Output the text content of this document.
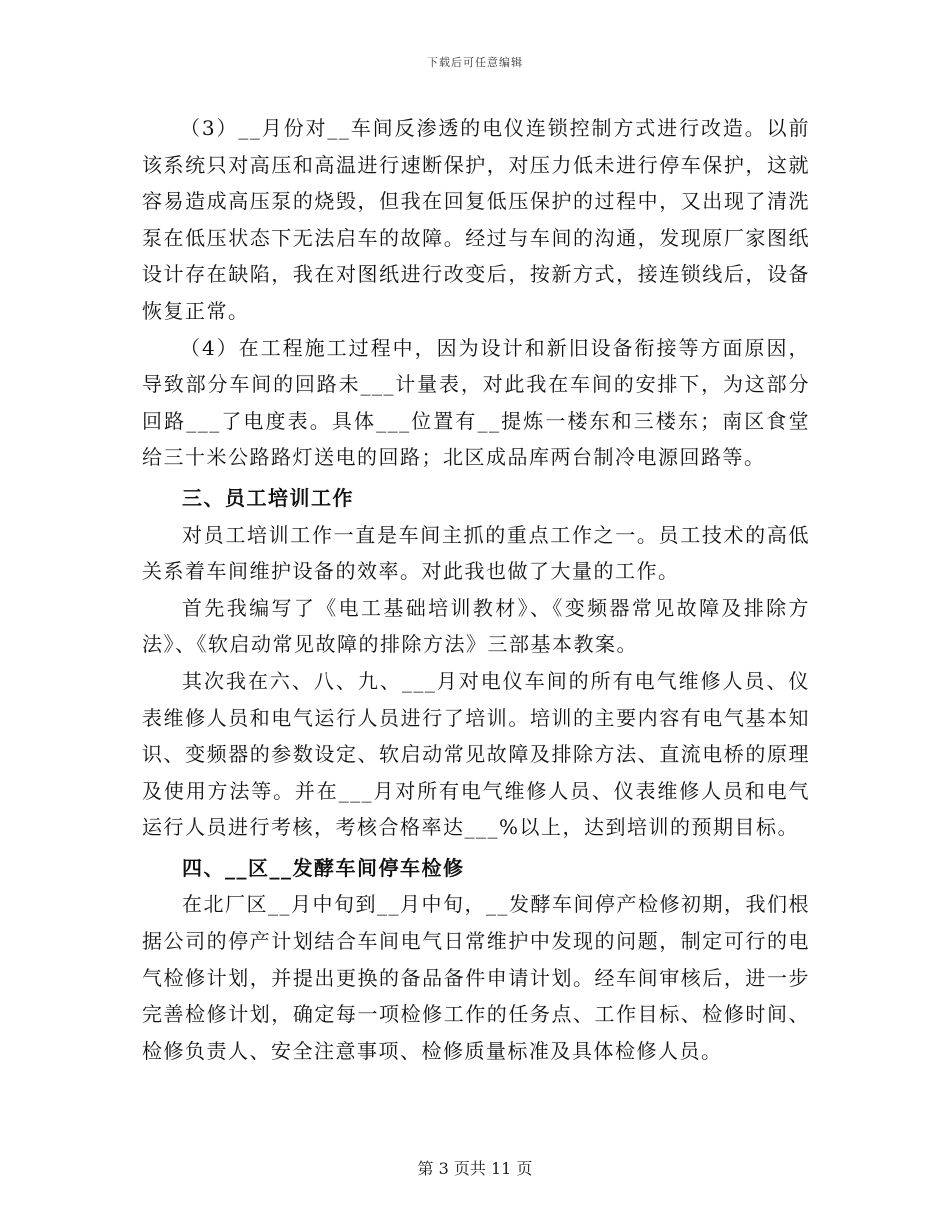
下载后可任意编辑

（3）__月份对__车间反渗透的电仪连锁控制方式进行改造。以前该系统只对高压和高温进行速断保护，对压力低未进行停车保护，这就容易造成高压泵的烧毁，但我在回复低压保护的过程中，又出现了清洗泵在低压状态下无法启车的故障。经过与车间的沟通，发现原厂家图纸设计存在缺陷，我在对图纸进行改变后，按新方式，接连锁线后，设备恢复正常。

（4）在工程施工过程中，因为设计和新旧设备衔接等方面原因，导致部分车间的回路未___计量表，对此我在车间的安排下，为这部分回路___了电度表。具体___位置有__提炼一楼东和三楼东；南区食堂给三十米公路路灯送电的回路；北区成品库两台制冷电源回路等。

三、员工培训工作

对员工培训工作一直是车间主抓的重点工作之一。员工技术的高低关系着车间维护设备的效率。对此我也做了大量的工作。

首先我编写了《电工基础培训教材》、《变频器常见故障及排除方法》、《软启动常见故障的排除方法》三部基本教案。

其次我在六、八、九、___月对电仪车间的所有电气维修人员、仪表维修人员和电气运行人员进行了培训。培训的主要内容有电气基本知识、变频器的参数设定、软启动常见故障及排除方法、直流电桥的原理及使用方法等。并在___月对所有电气维修人员、仪表维修人员和电气运行人员进行考核，考核合格率达___%以上，达到培训的预期目标。

四、__区__发酵车间停车检修

在北厂区__月中旬到__月中旬，__发酵车间停产检修初期，我们根据公司的停产计划结合车间电气日常维护中发现的问题，制定可行的电气检修计划，并提出更换的备品备件申请计划。经车间审核后，进一步完善检修计划，确定每一项检修工作的任务点、工作目标、检修时间、检修负责人、安全注意事项、检修质量标准及具体检修人员。

第 3 页共 11 页
